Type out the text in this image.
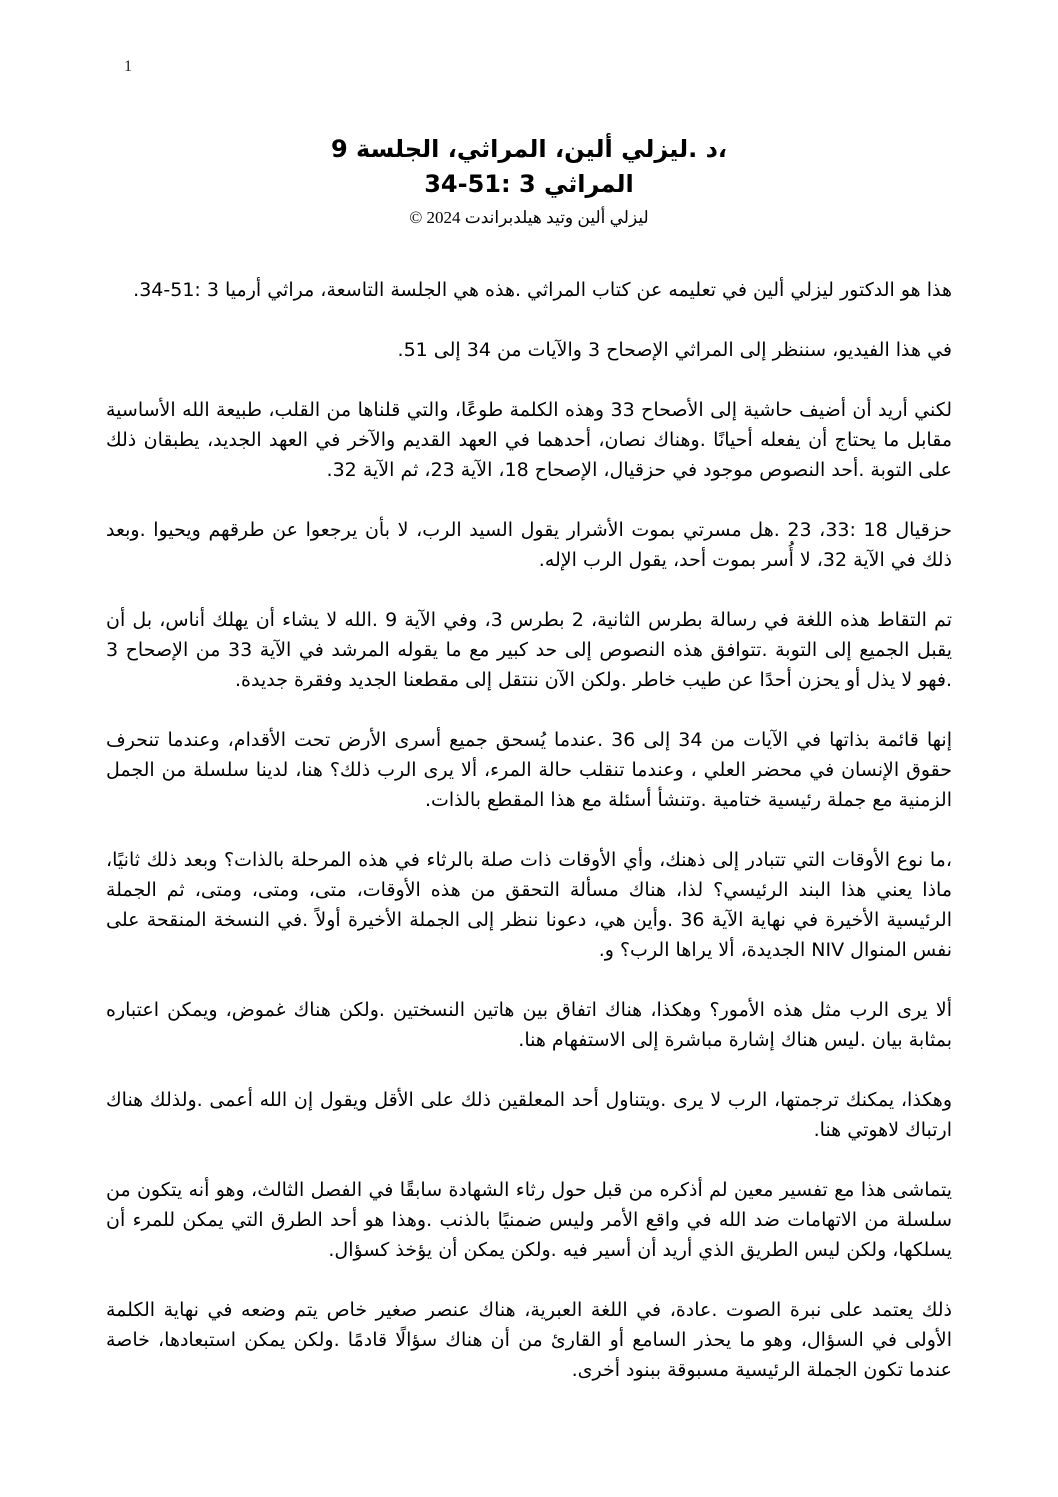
1
،د .ليزلي ألين، المراثي، الجلسة 9
المراثي 3 :51-34
ليزلي ألين وتيد هيلدبراندت 2024 ©

هذا هو الدكتور ليزلي ألين في تعليمه عن كتاب المراثي .هذه هي الجلسة التاسعة، مراثي أرميا 3 :51-34.

في هذا الفيديو، سننظر إلى المراثي الإصحاح 3 والآيات من 34 إلى 51.

لكني أريد أن أضيف حاشية إلى الأصحاح 33 وهذه الكلمة طوعًا، والتي قلناها من القلب، طبيعة الله الأساسية مقابل ما يحتاج أن يفعله أحيانًا .وهناك نصان، أحدهما في العهد القديم والآخر في العهد الجديد، يطبقان ذلك على التوبة .أحد النصوص موجود في حزقيال، الإصحاح 18، الآية 23، ثم الآية 32.

حزقيال 18 :33، 23 .هل مسرتي بموت الأشرار يقول السيد الرب، لا بأن يرجعوا عن طرقهم ويحيوا .وبعد ذلك في الآية 32، لا أُسر بموت أحد، يقول الرب الإله.

تم التقاط هذه اللغة في رسالة بطرس الثانية، 2 بطرس 3، وفي الآية 9 .الله لا يشاء أن يهلك أناس، بل أن يقبل الجميع إلى التوبة .تتوافق هذه النصوص إلى حد كبير مع ما يقوله المرشد في الآية 33 من الإصحاح 3 .فهو لا يذل أو يحزن أحدًا عن طيب خاطر .ولكن الآن ننتقل إلى مقطعنا الجديد وفقرة جديدة.

إنها قائمة بذاتها في الآيات من 34 إلى 36 .عندما يُسحق جميع أسرى الأرض تحت الأقدام، وعندما تنحرف حقوق الإنسان في محضر العلي ، وعندما تنقلب حالة المرء، ألا يرى الرب ذلك؟ هنا، لدينا سلسلة من الجمل الزمنية مع جملة رئيسية ختامية .وتنشأ أسئلة مع هذا المقطع بالذات.

،ما نوع الأوقات التي تتبادر إلى ذهنك، وأي الأوقات ذات صلة بالرثاء في هذه المرحلة بالذات؟ وبعد ذلك ثانيًا، ماذا يعني هذا البند الرئيسي؟ لذا، هناك مسألة التحقق من هذه الأوقات، متى، ومتى، ومتى، ثم الجملة الرئيسية الأخيرة في نهاية الآية 36 .وأين هي، دعونا ننظر إلى الجملة الأخيرة أولاً .في النسخة المنقحة على نفس المنوال NIV الجديدة، ألا يراها الرب؟ و.

ألا يرى الرب مثل هذه الأمور؟ وهكذا، هناك اتفاق بين هاتين النسختين .ولكن هناك غموض، ويمكن اعتباره بمثابة بيان .ليس هناك إشارة مباشرة إلى الاستفهام هنا.

وهكذا، يمكنك ترجمتها، الرب لا يرى .ويتناول أحد المعلقين ذلك على الأقل ويقول إن الله أعمى .ولذلك هناك ارتباك لاهوتي هنا.

يتماشى هذا مع تفسير معين لم أذكره من قبل حول رثاء الشهادة سابقًا في الفصل الثالث، وهو أنه يتكون من سلسلة من الاتهامات ضد الله في واقع الأمر وليس ضمنيًا بالذنب .وهذا هو أحد الطرق التي يمكن للمرء أن يسلكها، ولكن ليس الطريق الذي أريد أن أسير فيه .ولكن يمكن أن يؤخذ كسؤال.

ذلك يعتمد على نبرة الصوت .عادة، في اللغة العبرية، هناك عنصر صغير خاص يتم وضعه في نهاية الكلمة الأولى في السؤال، وهو ما يحذر السامع أو القارئ من أن هناك سؤالًا قادمًا .ولكن يمكن استبعادها، خاصة عندما تكون الجملة الرئيسية مسبوقة ببنود أخرى.
